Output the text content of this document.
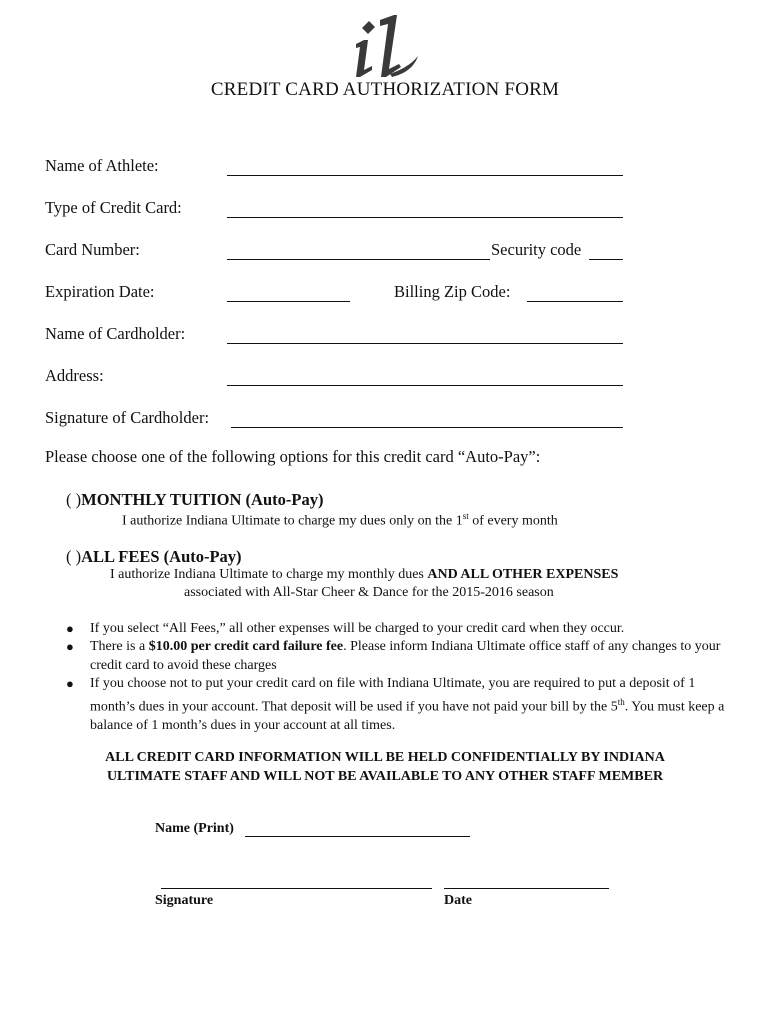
CREDIT CARD AUTHORIZATION FORM
Name of Athlete:
Type of Credit Card:
Card Number:	Security code
Expiration Date:	Billing Zip Code:
Name of Cardholder:
Address:
Signature of Cardholder:
Please choose one of the following options for this credit card “Auto-Pay”:
( )MONTHLY TUITION (Auto-Pay)
I authorize Indiana Ultimate to charge my dues only on the 1st of every month
( )ALL FEES (Auto-Pay)
I authorize Indiana Ultimate to charge my monthly dues AND ALL OTHER EXPENSES
associated with All-Star Cheer & Dance for the 2015-2016 season
● If you select “All Fees,” all other expenses will be charged to your credit card when they occur.
● There is a $10.00 per credit card failure fee. Please inform Indiana Ultimate office staff of any changes to your credit card to avoid these charges
● If you choose not to put your credit card on file with Indiana Ultimate, you are required to put a deposit of 1 month’s dues in your account. That deposit will be used if you have not paid your bill by the 5th. You must keep a balance of 1 month’s dues in your account at all times.
ALL CREDIT CARD INFORMATION WILL BE HELD CONFIDENTIALLY BY INDIANA
ULTIMATE STAFF AND WILL NOT BE AVAILABLE TO ANY OTHER STAFF MEMBER
Name (Print)
Signature	Date
